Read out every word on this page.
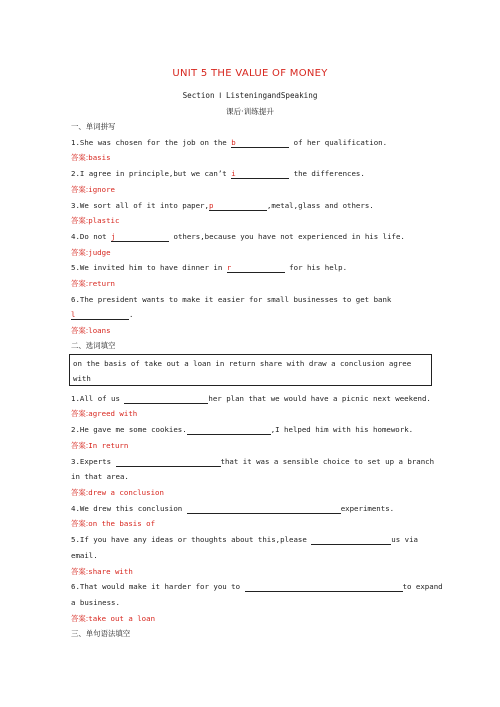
UNIT 5 THE VALUE OF MONEY
Section Ⅰ ListeningandSpeaking
课后·训练提升
一、单词拼写
1.She was chosen for the job on the b	of her qualification.
答案:basis
2.I agree in principle,but we can’t i	the differences.
答案:ignore
3.We sort all of it into paper,p	,metal,glass and others.
答案:plastic
4.Do not j	others,because you have not experienced in his life.
答案:judge
5.We invited him to have dinner in r	for his help.
答案:return
6.The president wants to make it easier for small businesses to get bank
l	.
答案:loans
二、选词填空
on the basis of take out a loan in return share with draw a conclusion agree
with
1.All of us	her plan that we would have a picnic next weekend.
答案:agreed with
2.He gave me some cookies.	,I helped him with his homework.
答案:In return
3.Experts	that it was a sensible choice to set up a branch
in that area.
答案:drew a conclusion
4.We drew this conclusion	experiments.
答案:on the basis of
5.If you have any ideas or thoughts about this,please	us via
email.
答案:share with
6.That would make it harder for you to	to expand
a business.
答案:take out a loan
三、单句语法填空
